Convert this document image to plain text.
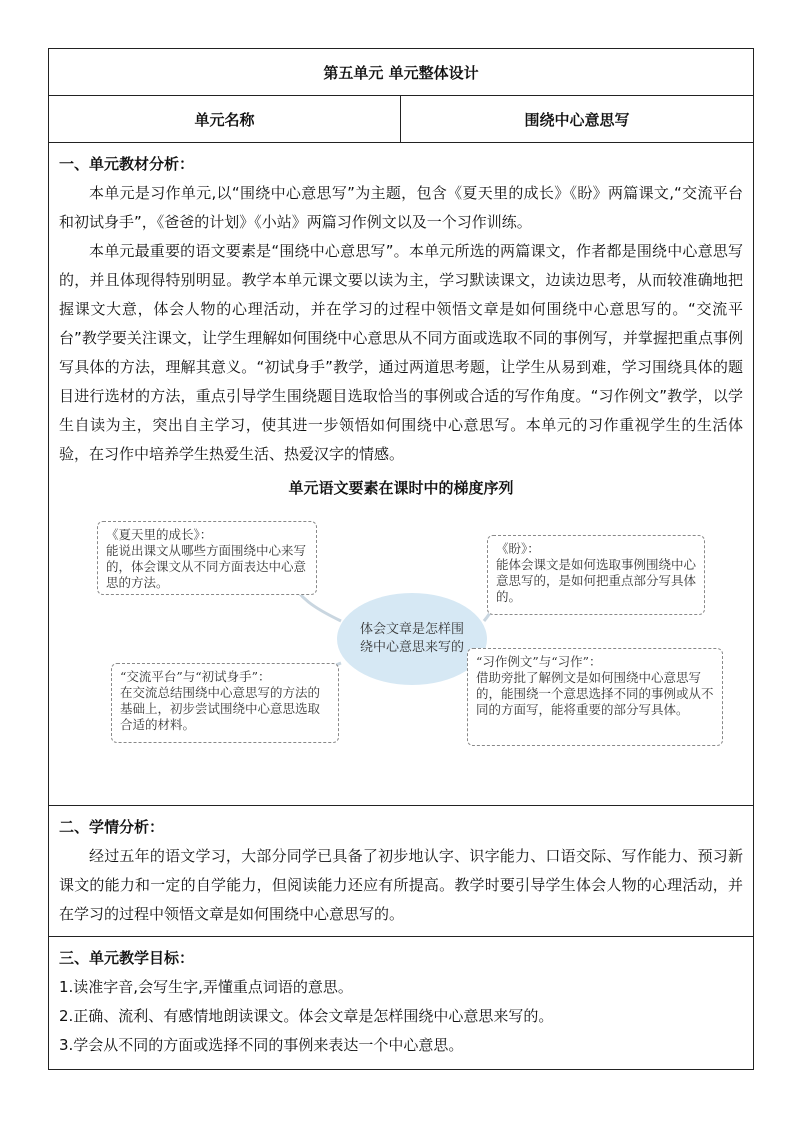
第五单元 单元整体设计
单元名称	围绕中心意思写

一、单元教材分析：

本单元是习作单元,以“围绕中心意思写”为主题，包含《夏天里的成长》《盼》两篇课文,“交流平台和初试身手”，《爸爸的计划》《小站》两篇习作例文以及一个习作训练。

本单元最重要的语文要素是“围绕中心意思写”。本单元所选的两篇课文，作者都是围绕中心意思写的，并且体现得特别明显。教学本单元课文要以读为主，学习默读课文，边读边思考，从而较准确地把握课文大意，体会人物的心理活动，并在学习的过程中领悟文章是如何围绕中心意思写的。“交流平台”教学要关注课文，让学生理解如何围绕中心意思从不同方面或选取不同的事例写，并掌握把重点事例写具体的方法，理解其意义。“初试身手”教学，通过两道思考题，让学生从易到难，学习围绕具体的题目进行选材的方法，重点引导学生围绕题目选取恰当的事例或合适的写作角度。“习作例文”教学，以学生自读为主，突出自主学习，使其进一步领悟如何围绕中心意思写。本单元的习作重视学生的生活体验，在习作中培养学生热爱生活、热爱汉字的情感。

单元语文要素在课时中的梯度序列
《夏天里的成长》：
能说出课文从哪些方面围绕中心来写的，体会课文从不同方面表达中心意思的方法。
《盼》：
能体会课文是如何选取事例围绕中心意思写的，是如何把重点部分写具体的。
体会文章是怎样围绕中心意思来写的
“交流平台”与“初试身手”：
在交流总结围绕中心意思写的方法的基础上，初步尝试围绕中心意思选取合适的材料。
“习作例文”与“习作”：
借助旁批了解例文是如何围绕中心意思写的，能围绕一个意思选择不同的事例或从不同的方面写，能将重要的部分写具体。

二、学情分析：

经过五年的语文学习，大部分同学已具备了初步地认字、识字能力、口语交际、写作能力、预习新课文的能力和一定的自学能力，但阅读能力还应有所提高。教学时要引导学生体会人物的心理活动，并在学习的过程中领悟文章是如何围绕中心意思写的。

三、单元教学目标：

1.读准字音,会写生字,弄懂重点词语的意思。

2.正确、流利、有感情地朗读课文。体会文章是怎样围绕中心意思来写的。

3.学会从不同的方面或选择不同的事例来表达一个中心意思。
